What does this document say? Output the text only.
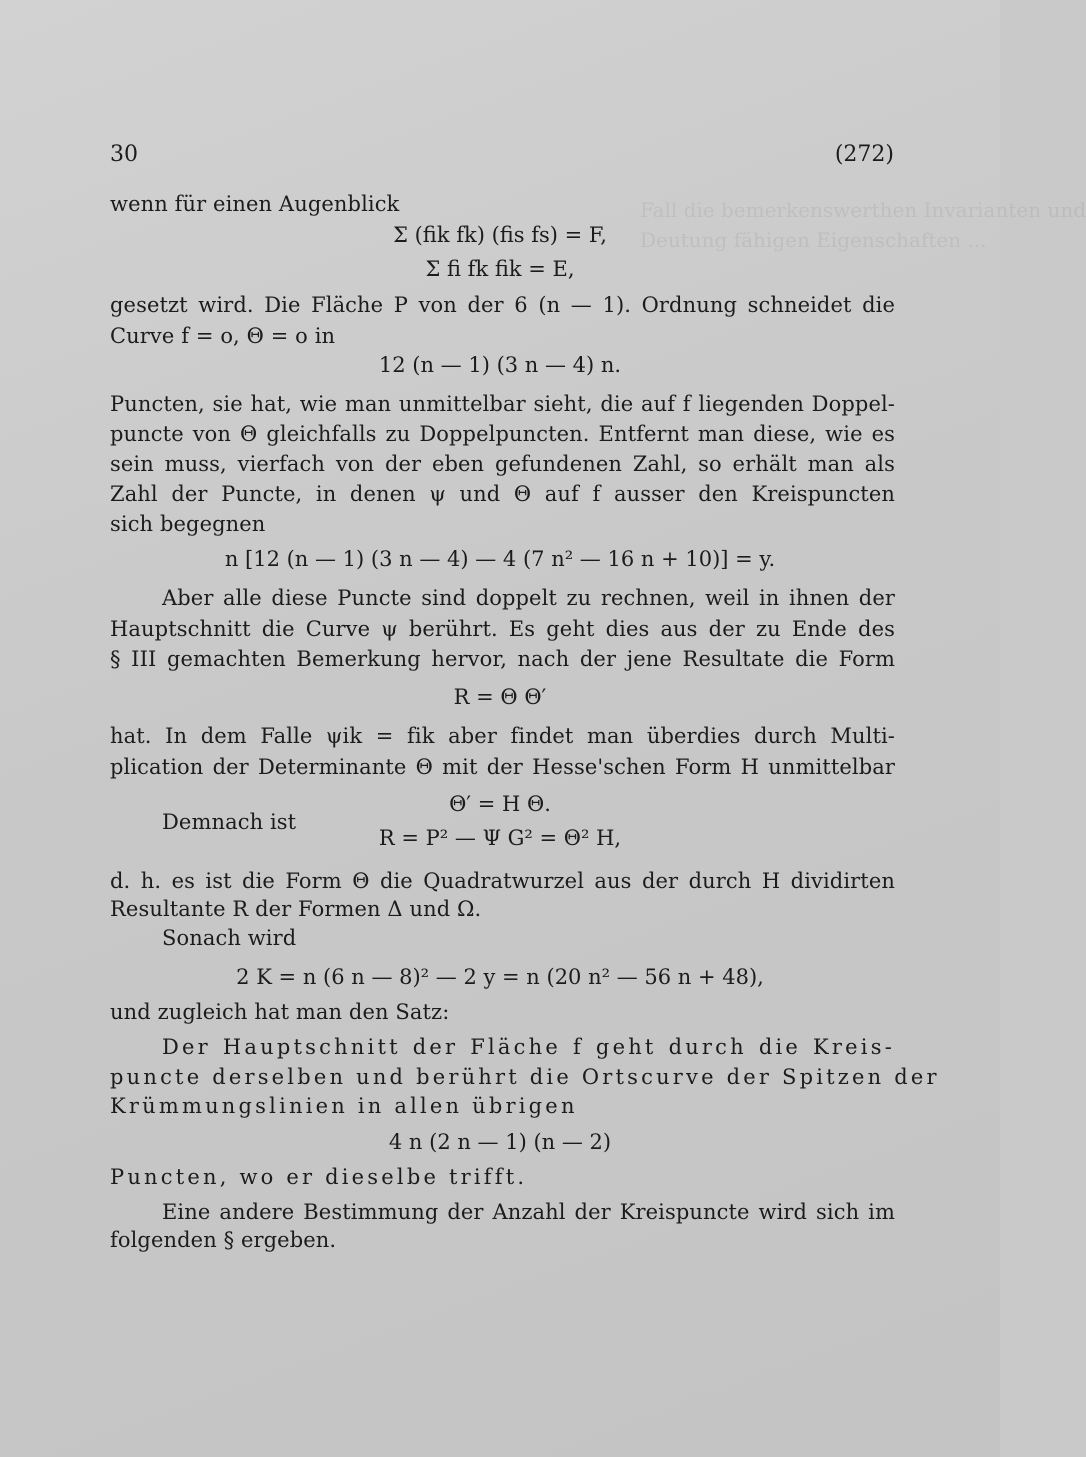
Fall die bemerkenswerthen Invarianten und
Deutung fähigen Eigenschaften ...

30	(272)

wenn für einen Augenblick

Σ (fik fk) (fis fs) = F,

Σ fi fk fik = E,

gesetzt wird. Die Fläche P von der 6 (n — 1). Ordnung schneidet die

Curve f = o, Θ = o in

12 (n — 1) (3 n — 4) n.

Puncten, sie hat, wie man unmittelbar sieht, die auf f liegenden Doppel-

puncte von Θ gleichfalls zu Doppelpuncten. Entfernt man diese, wie es

sein muss, vierfach von der eben gefundenen Zahl, so erhält man als

Zahl der Puncte, in denen ψ und Θ auf f ausser den Kreispuncten

sich begegnen

n [12 (n — 1) (3 n — 4) — 4 (7 n² — 16 n + 10)] = y.

Aber alle diese Puncte sind doppelt zu rechnen, weil in ihnen der

Hauptschnitt die Curve ψ berührt. Es geht dies aus der zu Ende des

§ III gemachten Bemerkung hervor, nach der jene Resultate die Form

R = Θ Θ′

hat. In dem Falle ψik = fik aber findet man überdies durch Multi-

plication der Determinante Θ mit der Hesse'schen Form H unmittelbar

Θ′ = H Θ.

Demnach ist

R = P² — Ψ G² = Θ² H,

d. h. es ist die Form Θ die Quadratwurzel aus der durch H dividirten

Resultante R der Formen Δ und Ω.

Sonach wird

2 K = n (6 n — 8)² — 2 y = n (20 n² — 56 n + 48),

und zugleich hat man den Satz:

Der Hauptschnitt der Fläche f geht durch die Kreis-

puncte derselben und berührt die Ortscurve der Spitzen der

Krümmungslinien in allen übrigen

4 n (2 n — 1) (n — 2)

Puncten, wo er dieselbe trifft.

Eine andere Bestimmung der Anzahl der Kreispuncte wird sich im

folgenden § ergeben.
